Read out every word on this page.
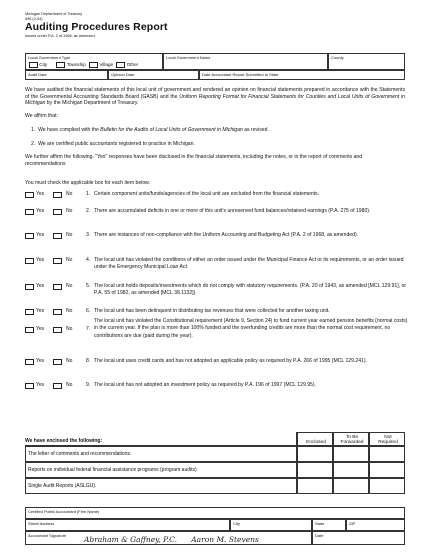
Michigan Deptartment of Treasury
496 (2-04)
Auditing Procedures Report
Issued under P.A. 2 of 1968, as amended.
Local Government Type
City	Township	Village	Other
Local Government Name	County
Audit Date	Opinion Date	Date Accountant Report Submitted to State
We have audited the financial statements of this local unit of government and rendered an opinion on financial statements prepared in accordance with the Statements of the Governmental Accounting Standards Board (GASB) and the Uniform Reporting Format for Financial Statements for Counties and Local Units of Government in Michigan by the Michigan Department of Treasury.
We affirm that:
1.  We have complied with the Bulletin for the Audits of Local Units of Government in Michigan as revised.
2.  We are certified public accountants registered to practice in Michigan.
We further affirm the following. "Yes" responses have been disclosed in the financial statements, including the notes, or in the report of comments and recommendations
You must check the applicable box for each item below.
Yes	No	1. Certain component units/funds/agencies of the local unit are excluded from the financial statements.
Yes	No	2. There are accumulated deficits in one or more of this unit's unreserved fund balances/retained earnings (P.A. 275 of 1980).
Yes	No	3. There are instances of non-compliance with the Uniform Accounting and Budgeting Act (P.A. 2 of 1968, as amended).
Yes	No	4. The local unit has violated the conditions of either an order issued under the Municipal Finance Act or its requirements, or an order issued under the Emergency Municipal Loan Act.
Yes	No	5. The local unit holds deposits/investments which do not comply with statutory requirements. (P.A. 20 of 1943, as amended [MCL 129.91], or P.A. 55 of 1982, as amended [MCL 38.1132]).
Yes	No	6. The local unit has been delinquent in distributing tax revenues that were collected for another taxing unit.
Yes	No	7.
The local unit has violated the Constitutional requirement (Article 9, Section 24) to fund current year earned pension benefits (normal costs) in the current year. If the plan is more than 100% funded and the overfunding credits are more than the normal cost requirement, no contributions are due (paid during the year).
Yes	No	8. The local unit uses credit cards and has not adopted an applicable policy as required by P.A. 266 of 1995 (MCL 129.241).
Yes	No	9. The local unit has not adopted an investment policy as required by P.A. 196 of 1997 (MCL 129.95).
We have enclosed the following:	Enclosed
To Be Forwarded
Not Required
The letter of comments and recommendations.
Reports on individual federal financial assistance programs (program audits).
Single Audit Reports (ASLGU).
Certified Public Accountant (Firm Name)
Street Address	City	State	ZIP
Accountant Signature Abraham & Gaffney, P.C.      Aaron M. Stevens	Date
